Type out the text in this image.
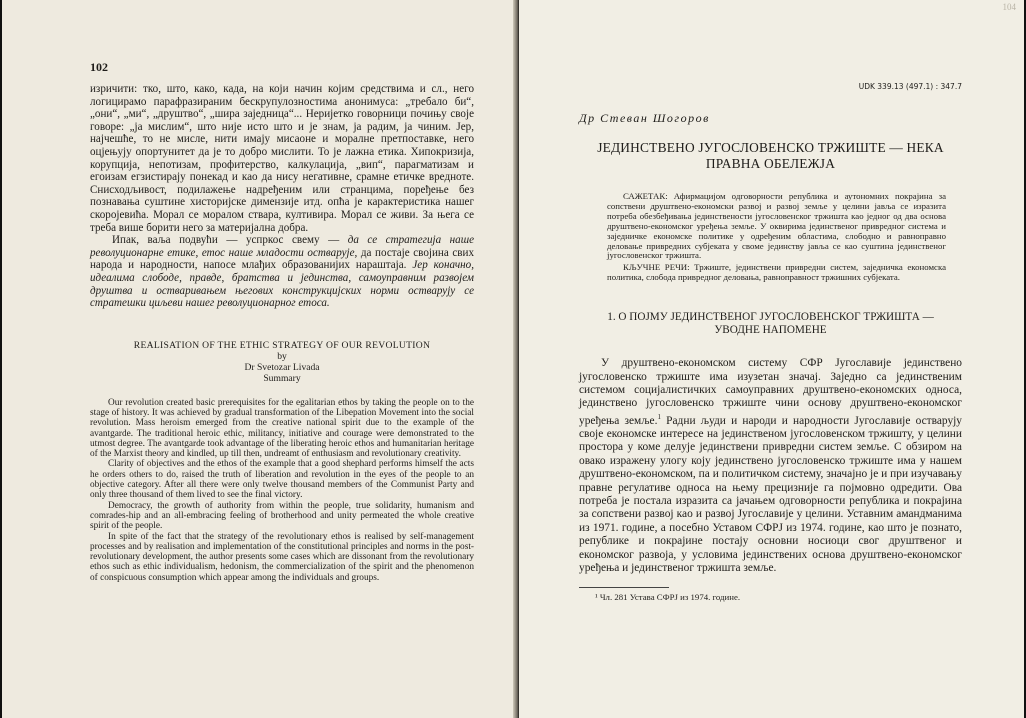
102

изричити: тко, што, како, када, на који начин којим средствима и сл., него логицирамо парафразираним бескрупулозностима анонимуса: „требало би“, „они“, „ми“, „друштво“, „шира заједница“... Неријетко говорници почињу своје говоре: „ја мислим“, што није исто што и је знам, ја радим, ја чиним. Јер, најчешће, то не мисле, нити имају мисаоне и моралне претпоставке, него оцјењују опортунитет да је то добро мислити. То је лажна етика. Хипокризија, корупција, непотизам, профитерство, калкулација, „вип“, парагматизам и егоизам егзистирају понекад и као да нису негативне, срамне етичке вредноте. Снисходљивост, подилажење надређеним или странцима, поређење без познавања суштине хисторијске димензије итд. опћа је карактеристика нашег скоројевића. Морал се моралом ствара, култивира. Морал се живи. За њега се треба више борити него за материјална добра.

Ипак, ваља подвући — успркос свему — да се стратегија наше револуционарне етике, етос наше младости остварује, да постаје својина свих народа и народности, напосе млађих образованијих нараштаја. Јер коначно, идеалима слободе, правде, братства и јединства, самоуправним развојем друштва и остваривањем његових конструкцијских норми остварују се стратешки циљеви нашег револуционарног етоса.

REALISATION OF THE ETHIC STRATEGY OF OUR REVOLUTION
by
Dr Svetozar Livada
Summary

Our revolution created basic prerequisites for the egalitarian ethos by taking the people on to the stage of history. It was achieved by gradual transformation of the Libepation Movement into the social revolution. Mass heroism emerged from the creative national spirit due to the example of the avantgarde. The traditional heroic ethic, militancy, initiative and courage were demonstrated to the utmost degree. The avantgarde took advantage of the liberating heroic ethos and humanitarian heritage of the Marxist theory and kindled, up till then, undreamt of enthusiasm and revolutionary creativity.

Clarity of objectives and the ethos of the example that a good shephard performs himself the acts he orders others to do, raised the truth of liberation and revolution in the eyes of the people to an objective category. After all there were only twelve thousand members of the Communist Party and only three thousand of them lived to see the final victory.

Democracy, the growth of authority from within the people, true solidarity, humanism and comrades-hip and an all-embracing feeling of brotherhood and unity permeated the whole creative spirit of the people.

In spite of the fact that the strategy of the revolutionary ethos is realised by self-management processes and by realisation and implementation of the constitutional principles and norms in the post-revolutionary development, the author presents some cases which are dissonant from the revolutionary ethos such as ethic individualism, hedonism, the commercialization of the spirit and the phenomenon of conspicuous consumption which appear among the individuals and groups.

104
UDK 339.13 (497.1) : 347.7
Др Стеван Шогоров
ЈЕДИНСТВЕНО ЈУГОСЛОВЕНСКО ТРЖИШТЕ — НЕКА
ПРАВНА ОБЕЛЕЖЈА

САЖЕТАК: Афирмацијом одговорности република и аутономних покрајина за сопствени друштвено-економски развој и развој земље у целини јавља се изразита потреба обезбеђивања јединствености југословенског тржишта као једног од два основа друштвено-економског уређења земље. У оквирима јединственог привредног система и заједничке економске политике у одређеним областима, слободно и равноправно деловање привредних субјеката у своме јединству јавља се као суштина јединственог југословенског тржишта.

КЉУЧНЕ РЕЧИ: Тржиште, јединствени привредни систем, заједничка економска политика, слобода привредног деловања, равноправност тржишних субјеката.

1. О ПОЈМУ ЈЕДИНСТВЕНОГ ЈУГОСЛОВЕНСКОГ ТРЖИШТА —
УВОДНЕ НАПОМЕНЕ

У друштвено-економском систему СФР Југославије јединствено југословенско тржиште има изузетан значај. Заједно са јединственим системом социјалистичких самоуправних друштвено-економских односа, јединствено југословенско тржиште чини основу друштвено-економског уређења земље.$^1$ Радни људи и народи и народности Југославије остварују своје економске интересе на јединственом југословенском тржишту, у целини простора у коме делује јединствени привредни систем земље. С обзиром на овако изражену улогу коју јединствено југословенско тржиште има у нашем друштвено-економском, па и политичком систему, значајно је и при изучавању правне регулативе односа на њему прецизније га појмовно одредити. Ова потреба је постала изразита са јачањем одговорности република и покрајина за сопствени развој као и развој Југославије у целини. Уставним амандманима из 1971. године, а посебно Уставом СФРЈ из 1974. године, као што је познато, републике и покрајине постају основни носиоци свог друштвеног и економског развоја, у условима јединствених основа друштвено-економског уређења и јединственог тржишта земље.

¹ Чл. 281 Устава СФРЈ из 1974. године.
